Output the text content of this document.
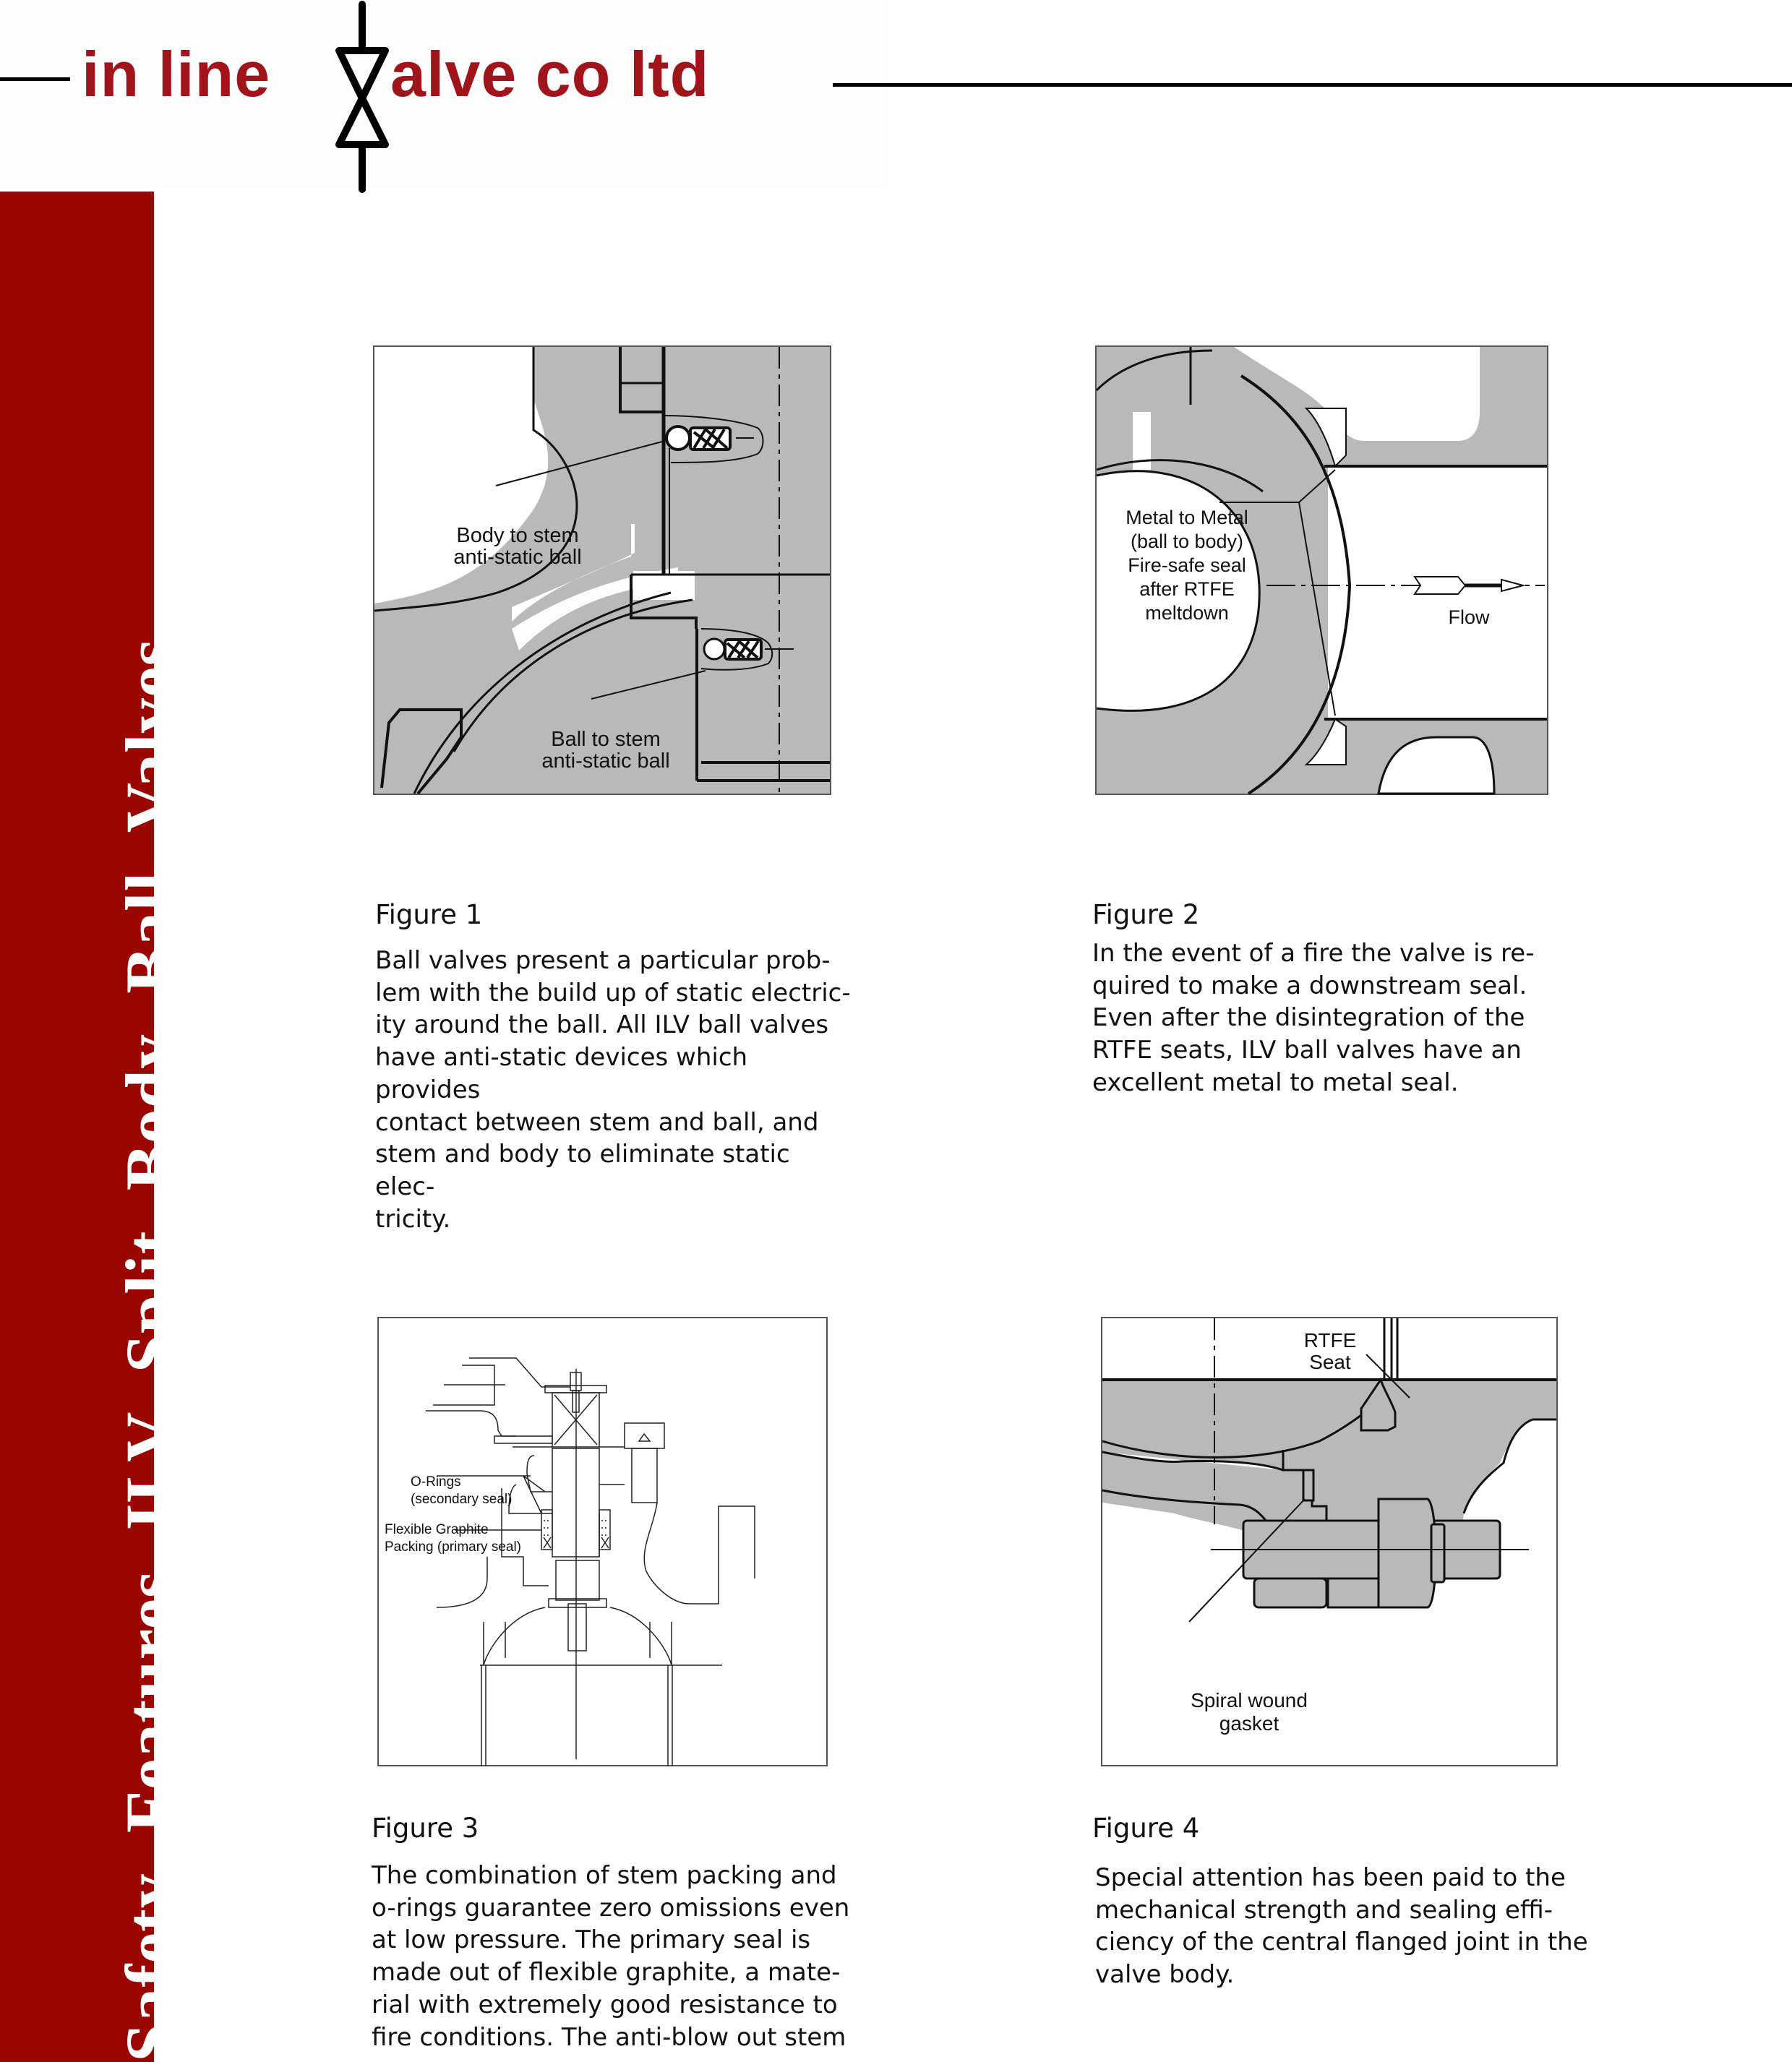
in line alve co ltd
Safety Features ILV Split Body Ball Valves
Body to stem
anti-static ball
Ball to stem
anti-static ball
Figure 1
Ball valves present a particular prob-
lem with the build up of static electric-
ity around the ball. All ILV ball valves
have anti-static devices which provides
contact between stem and ball, and
stem and body to eliminate static elec-
tricity.
Metal to Metal
(ball to body)
Fire-safe seal
after RTFE
meltdown	Flow
Figure 2
In the event of a fire the valve is re-
quired to make a downstream seal.
Even after the disintegration of the
RTFE seats, ILV ball valves have an
excellent metal to metal seal.
O-Rings
(secondary seal)
Flexible Graphite
Packing (primary seal)
Figure 3
The combination of stem packing and
o-rings guarantee zero omissions even
at low pressure. The primary seal is
made out of flexible graphite, a mate-
rial with extremely good resistance to
fire conditions. The anti-blow out stem
RTFE
Seat
Spiral wound
gasket
Figure 4
Special attention has been paid to the
mechanical strength and sealing effi-
ciency of the central flanged joint in the
valve body.
